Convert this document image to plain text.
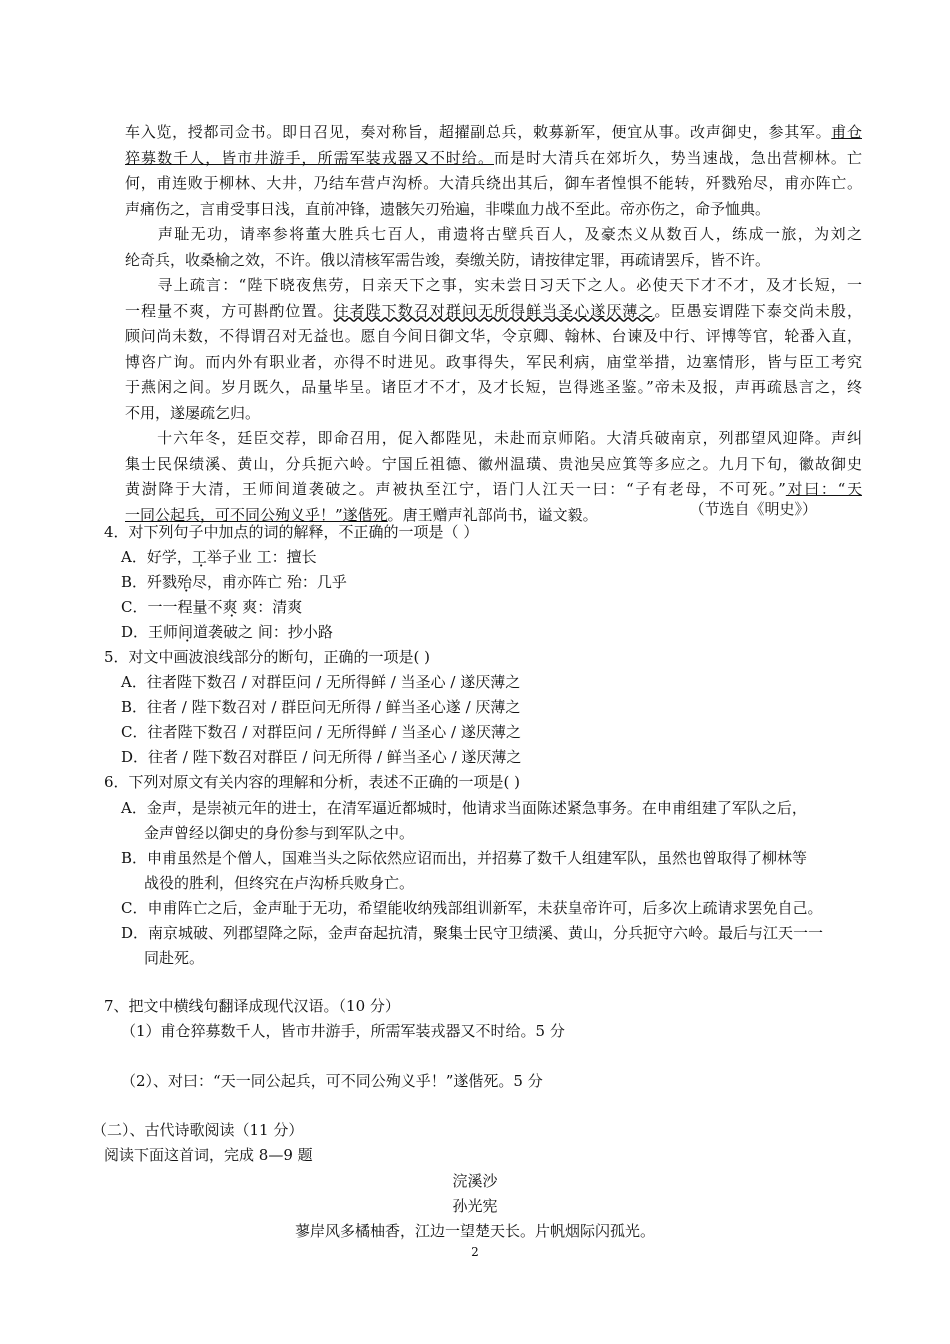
车入览，授都司佥书。即日召见，奏对称旨，超擢副总兵，敕募新军，便宜从事。改声御史，参其军。甫仓
猝募数千人，皆市井游手，所需军装戎器又不时给。而是时大清兵在郊圻久，势当速战，急出营柳林。亡
何，甫连败于柳林、大井，乃结车营卢沟桥。大清兵绕出其后，御车者惶惧不能转，歼戮殆尽，甫亦阵亡。
声痛伤之，言甫受事日浅，直前冲锋，遗骸矢刃殆遍，非喋血力战不至此。帝亦伤之，命予恤典。
　　声耻无功，请率参将董大胜兵七百人，甫遗将古壁兵百人，及豪杰义从数百人，练成一旅，为刘之
纶奇兵，收桑榆之效，不许。俄以清核军需告竣，奏缴关防，请按律定罪，再疏请罢斥，皆不许。
　　寻上疏言：“陛下晓夜焦劳，日亲天下之事，实未尝日习天下之人。必使天下才不才，及才长短，一
一程量不爽，方可斟酌位置。往者陛下数召对群问无所得鲜当圣心遂厌薄之。臣愚妄谓陛下泰交尚未殷，
顾问尚未数，不得谓召对无益也。愿自今间日御文华，令京卿、翰林、台谏及中行、评博等官，轮番入直，
博咨广询。而内外有职业者，亦得不时进见。政事得失，军民利病，庙堂举措，边塞情形，皆与臣工考究
于燕闲之间。岁月既久，品量毕呈。诸臣才不才，及才长短，岂得逃圣鉴。”帝未及报，声再疏恳言之，终
不用，遂屡疏乞归。
　　十六年冬，廷臣交荐，即命召用，促入都陛见，未赴而京师陷。大清兵破南京，列郡望风迎降。声纠
集士民保绩溪、黄山，分兵扼六岭。宁国丘祖德、徽州温璜、贵池吴应箕等多应之。九月下旬，徽故御史
黄澍降于大清，王师间道袭破之。声被执至江宁，语门人江天一曰：“子有老母，不可死。”对曰：“天
一同公起兵，可不同公殉义乎！”遂偕死。唐王赠声礼部尚书，谥文毅。	（节选自《明史》）
4．对下列句子中加点的词的解释，不正确的一项是（ ）
A．好学，工举子业 工：擅长
B．歼戮殆尽，甫亦阵亡 殆：几乎
C．一一程量不爽 爽：清爽
D．王师间道袭破之 间：抄小路
5．对文中画波浪线部分的断句，正确的一项是( )
A．往者陛下数召 / 对群臣问 / 无所得鲜 / 当圣心 / 遂厌薄之
B．往者 / 陛下数召对 / 群臣问无所得 / 鲜当圣心遂 / 厌薄之
C．往者陛下数召 / 对群臣问 / 无所得鲜 / 当圣心 / 遂厌薄之
D．往者 / 陛下数召对群臣 / 问无所得 / 鲜当圣心 / 遂厌薄之
6．下列对原文有关内容的理解和分析，表述不正确的一项是( )
A．金声，是崇祯元年的进士，在清军逼近都城时，他请求当面陈述紧急事务。在申甫组建了军队之后，
金声曾经以御史的身份参与到军队之中。
B．申甫虽然是个僧人，国难当头之际依然应诏而出，并招募了数千人组建军队，虽然也曾取得了柳林等
战役的胜利，但终究在卢沟桥兵败身亡。
C．申甫阵亡之后，金声耻于无功，希望能收纳残部组训新军，未获皇帝许可，后多次上疏请求罢免自己。
D．南京城破、列郡望降之际，金声奋起抗清，聚集士民守卫绩溪、黄山，分兵扼守六岭。最后与江天一一
同赴死。
7、把文中横线句翻译成现代汉语。（10 分）
（1）甫仓猝募数千人，皆市井游手，所需军装戎器又不时给。5 分
（2）、对曰：“天一同公起兵，可不同公殉义乎！”遂偕死。5 分
（二）、古代诗歌阅读（11 分）
阅读下面这首词，完成 8—9 题
浣溪沙
孙光宪
蓼岸风多橘柚香，江边一望楚天长。片帆烟际闪孤光。
2
